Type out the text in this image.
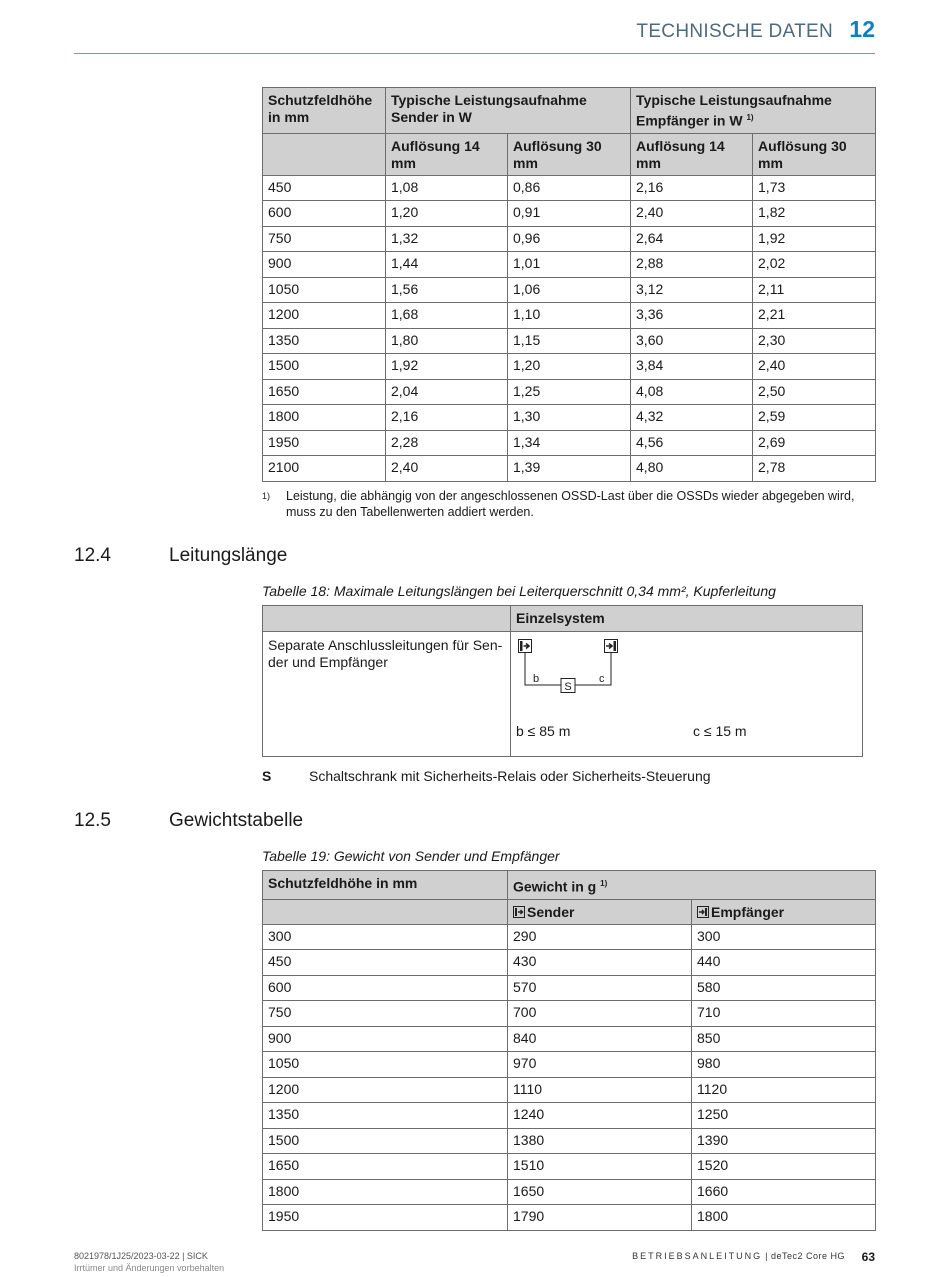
TECHNISCHE DATEN 12
Schutzfeldhöhe in mm	Typische Leistungsaufnahme Sender in W		Typische Leistungsaufnahme Empfänger in W $^{1)}$
	Auflösung 14 mm	Auflösung 30 mm	Auflösung 14 mm	Auflösung 30 mm
450	1,08	0,86	2,16	1,73
600	1,20	0,91	2,40	1,82
750	1,32	0,96	2,64	1,92
900	1,44	1,01	2,88	2,02
1050	1,56	1,06	3,12	2,11
1200	1,68	1,10	3,36	2,21
1350	1,80	1,15	3,60	2,30
1500	1,92	1,20	3,84	2,40
1650	2,04	1,25	4,08	2,50
1800	2,16	1,30	4,32	2,59
1950	2,28	1,34	4,56	2,69
2100	2,40	1,39	4,80	2,78
1) Leistung, die abhängig von der angeschlossenen OSSD-Last über die OSSDs wieder abgegeben wird, muss zu den Tabellenwerten addiert werden.
12.4	Leitungslänge
Tabelle 18: Maximale Leitungslängen bei Leiterquerschnitt 0,34 mm², Kupferleitung
	Einzelsystem
Separate Anschlussleitungen für Sender und Empfänger	S
b c
b ≤ 85 m c ≤ 15 m
S	Schaltschrank mit Sicherheits-Relais oder Sicherheits-Steuerung
12.5	Gewichtstabelle
Tabelle 19: Gewicht von Sender und Empfänger
Schutzfeldhöhe in mm	Gewicht in g $^{1)}$
	Sender	Empfänger
300	290	300
450	430	440
600	570	580
750	700	710
900	840	850
1050	970	980
1200	1110	1120
1350	1240	1250
1500	1380	1390
1650	1510	1520
1800	1650	1660
1950	1790	1800
8021978/1J25/2023-03-22 | SICK
Irrtümer und Änderungen vorbehalten
BETRIEBSANLEITUNG | deTec2 Core HG 63
